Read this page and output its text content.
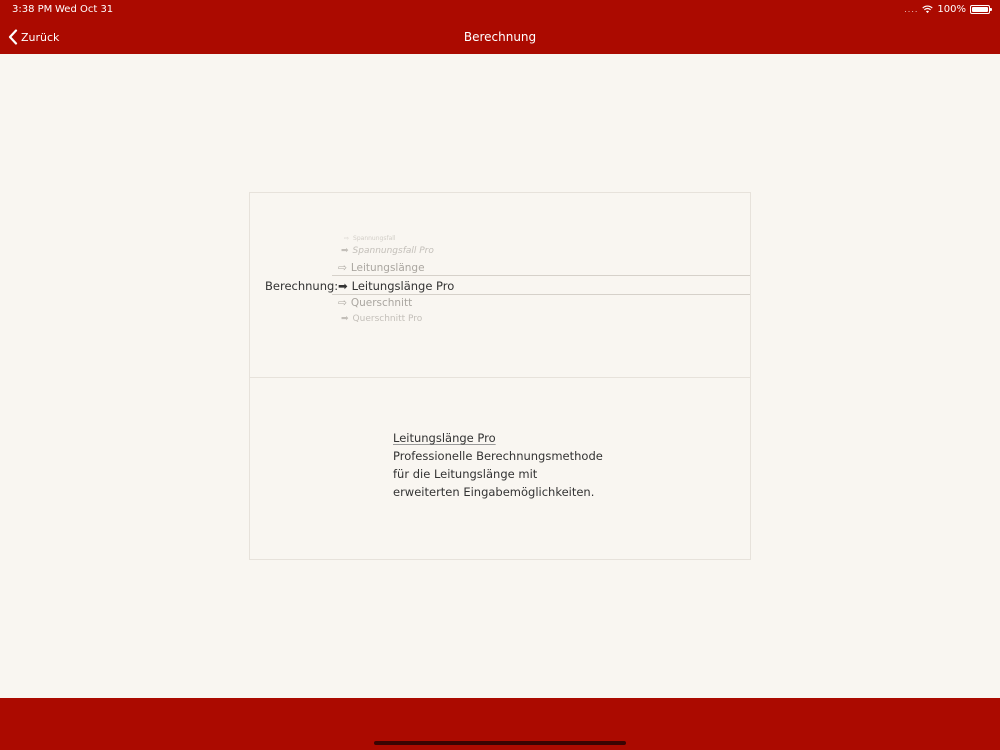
3:38 PM Wed Oct 31	.... 100%
Zurück	Berechnung
Berechnung:
⇨ Spannungsfall
➡ Spannungsfall Pro
⇨ Leitungslänge
➡ Leitungslänge Pro
⇨ Querschnitt
➡ Querschnitt Pro
Leitungslänge Pro
Professionelle Berechnungsmethode
für die Leitungslänge mit
erweiterten Eingabemöglichkeiten.
